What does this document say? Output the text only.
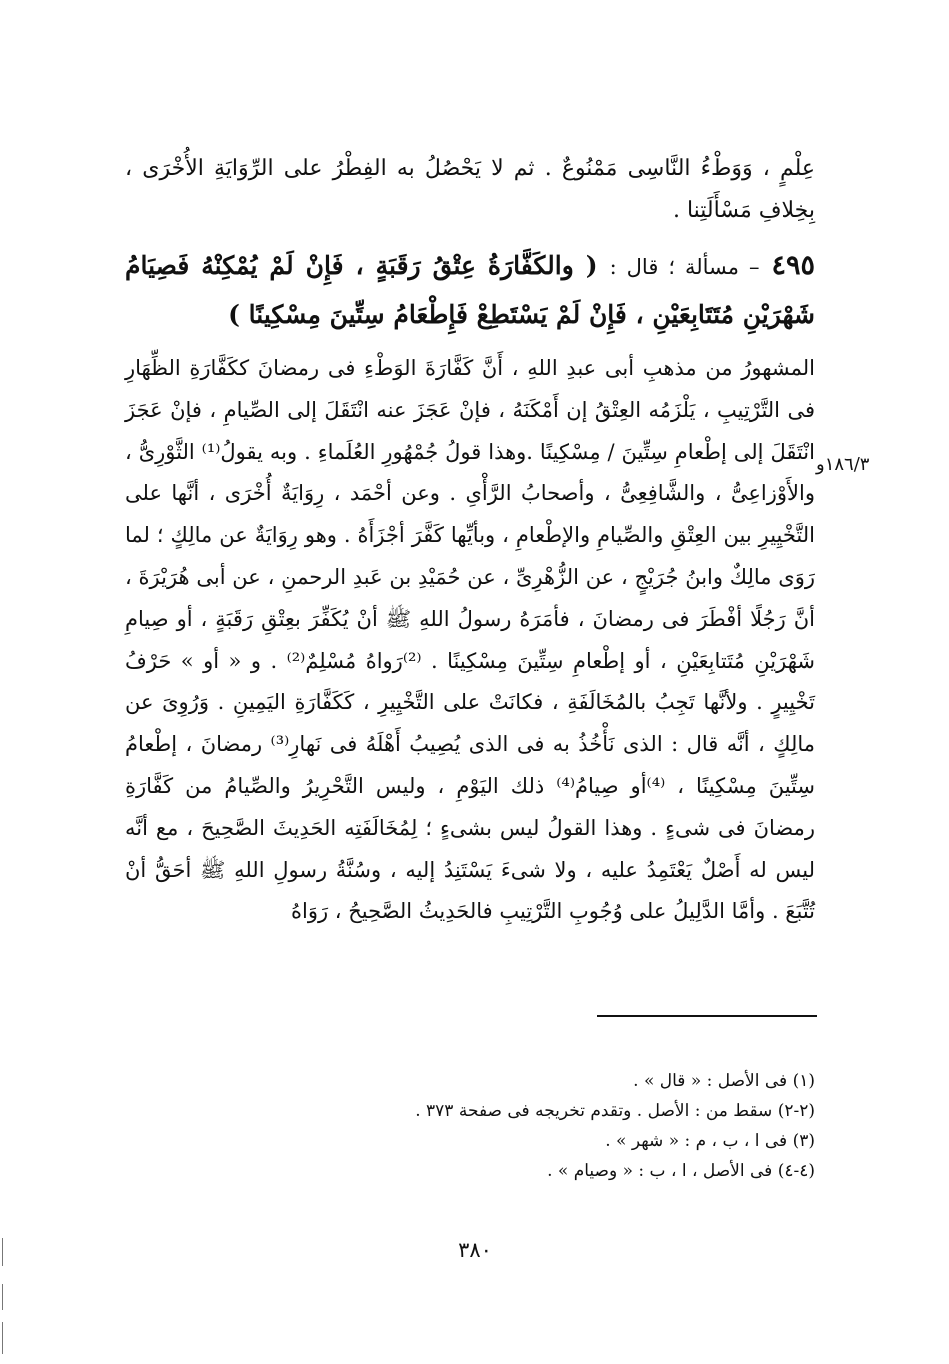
عِلْمٍ ، وَوَطْءُ النَّاسِى مَمْنُوعٌ . ثم لا يَحْصُلُ به الفِطْرُ على الرِّوَايَةِ الأُخْرَى ، بِخِلافِ مَسْأَلَتِنا .

٤٩٥ – مسألة ؛ قال : ( والكَفَّارَةُ عِتْقُ رَقَبَةٍ ، فَإِنْ لَمْ يُمْكِنْهُ فَصِيَامُ شَهْرَيْنِ مُتَتَابِعَيْنِ ، فَإِنْ لَمْ يَسْتَطِعْ فَإِطْعَامُ سِتِّينَ مِسْكِينًا )

المشهورُ من مذهبِ أبى عبدِ اللهِ ، أَنَّ كَفَّارَةَ الوَطْءِ فى رمضانَ ككَفَّارَةِ الظِّهَارِ فى التَّرْتِيبِ ، يَلْزَمُه العِتْقُ إن أَمْكَنَهُ ، فإنْ عَجَزَ عنه انْتَقَلَ إلى الصِّيامِ ، فإنْ عَجَزَ انْتَقَلَ إلى إطْعامِ سِتِّينَ / مِسْكِينًا .وهذا قولُ جُمْهُورِ العُلَماءِ . وبه يقولُ⁽¹⁾ الثَّوْرِىُّ ، والأَوْزاعِىُّ ، والشَّافِعِىُّ ، وأصحابُ الرَّأْىِ . وعن أحْمَد ، رِوَايَةٌ أُخْرَى ، أنَّها على التَّخْيِيرِ بين العِتْقِ والصِّيامِ والإطْعامِ ، وبأيِّها كَفَّرَ أجْزَأَهُ . وهو رِوَايَةٌ عن مالِكٍ ؛ لما رَوَى مالِكٌ وابنُ جُرَيْجٍ ، عن الزُّهْرِىِّ ، عن حُمَيْدِ بن عَبدِ الرحمنِ ، عن أبى هُرَيْرَةَ ، أنَّ رَجُلًا أفْطَرَ فى رمضانَ ، فأمَرَهُ رسولُ اللهِ ﷺ أنْ يُكَفِّرَ بعِتْقِ رَقَبَةٍ ، أو صِيامِ شَهْرَيْنِ مُتَتابِعَيْنِ ، أو إطْعامِ سِتِّينَ مِسْكِينًا . ⁽²⁾رَواهُ مُسْلِمٌ⁽²⁾ . و « أو » حَرْفُ تَخْيِيرٍ . ولأنَّها تَجِبُ بالمُخَالَفَةِ ، فكانَتْ على التَّخْيِيرِ ، كَكَفَّارَةِ اليَمِينِ . وَرُوِىَ عن مالِكٍ ، أنَّه قال : الذى نَأْخُذُ به فى الذى يُصِيبُ أَهْلَهُ فى نَهارِ⁽³⁾ رمضانَ ، إطْعامُ سِتِّينَ مِسْكِينًا ، ⁽⁴⁾أو صِيامُ⁽⁴⁾ ذلك اليَوْمِ ، وليس التَّحْرِيرُ والصِّيامُ من كَفَّارَةِ رمضانَ فى شىءٍ . وهذا القولُ ليس بشىءٍ ؛ لِمُخَالَفَتِه الحَدِيثَ الصَّحِيحَ ، مع أنَّه ليس له أَصْلٌ يَعْتَمِدُ عليه ، ولا شىءَ يَسْتَنِدُ إليه ، وسُنَّةُ رسولِ اللهِ ﷺ أحَقُّ أنْ تُتَّبَعَ . وأمَّا الدَّلِيلُ على وُجُوبِ التَّرْتِيبِ فالحَدِيثُ الصَّحِيحُ ، رَوَاهُ

١٨٦/٣و
(١) فى الأصل : « قال » .
(٢-٢) سقط من : الأصل . وتقدم تخريجه فى صفحة ٣٧٣ .
(٣) فى ا ، ب ، م : « شهر » .
(٤-٤) فى الأصل ، ا ، ب : « وصيام » .
٣٨٠
